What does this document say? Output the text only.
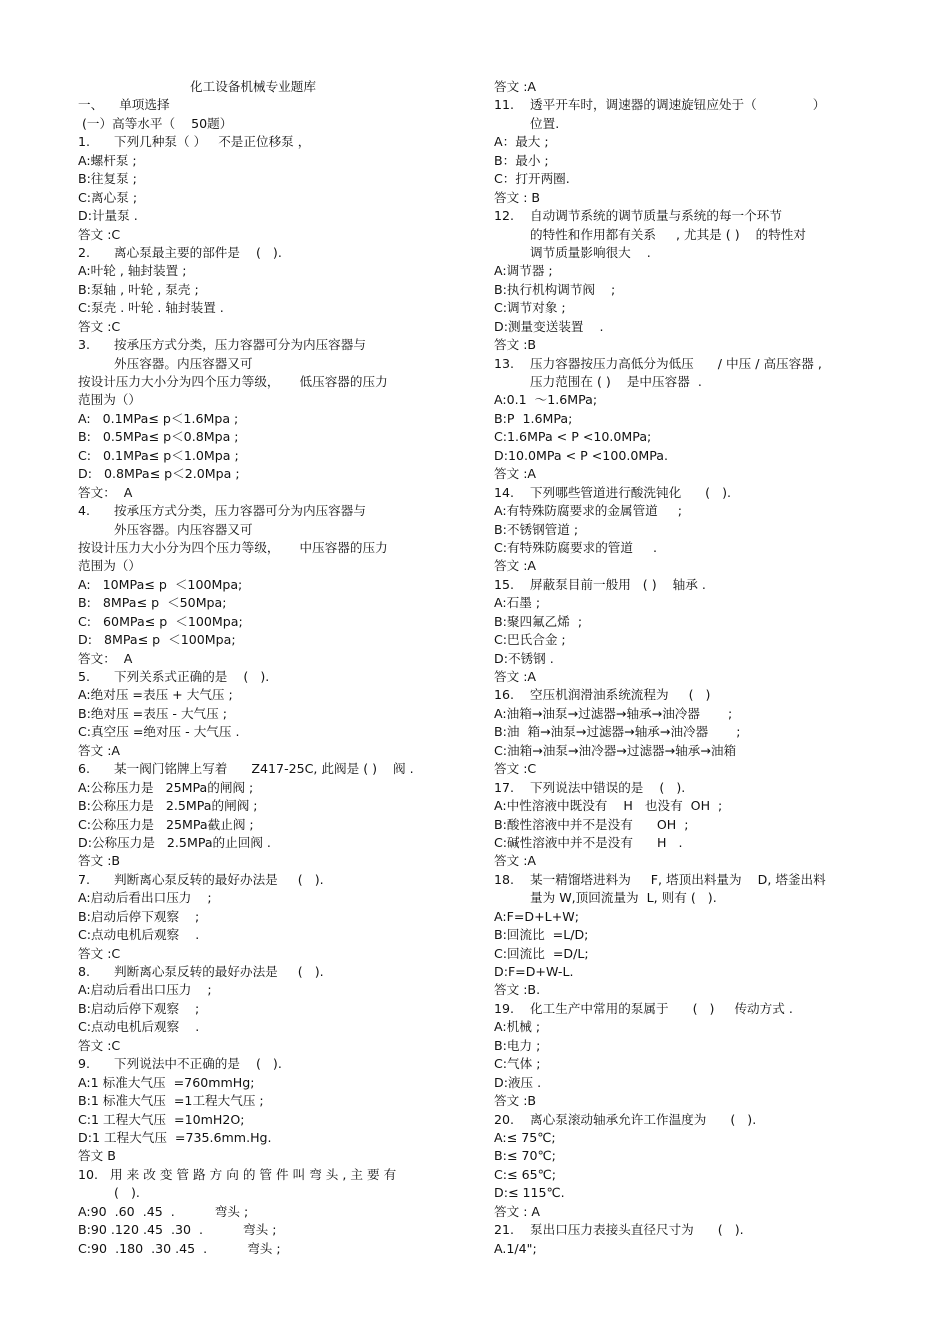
化工设备机械专业题库
一、    单项选择
(一）高等水平（    50题）
1.      下列几种泵（ ）   不是正位移泵 ，
A:螺杆泵 ;
B:往复泵 ;
C:离心泵 ;
D:计量泵 .
答文 :C
2.      离心泵最主要的部件是    (   ).
A:叶轮 , 轴封装置 ;
B:泵轴 , 叶轮 , 泵壳 ;
C:泵壳 . 叶轮 . 轴封装置 .
答文 :C
3.      按承压方式分类，压力容器可分为内压容器与
外压容器。内压容器又可
按设计压力大小分为四个压力等级，     低压容器的压力
范围为（）
A:   0.1MPa≤ p＜1.6Mpa ;
B:   0.5MPa≤ p＜0.8Mpa ;
C:   0.1MPa≤ p＜1.0Mpa ;
D:   0.8MPa≤ p＜2.0Mpa ;
答文：  A
4.      按承压方式分类，压力容器可分为内压容器与
外压容器。内压容器又可
按设计压力大小分为四个压力等级，     中压容器的压力
范围为（）
A:   10MPa≤ p  ＜100Mpa;
B:   8MPa≤ p  ＜50Mpa;
C:   60MPa≤ p  ＜100Mpa;
D:   8MPa≤ p  ＜100Mpa;
答文：  A
5.      下列关系式正确的是    (   ).
A:绝对压 =表压 + 大气压 ;
B:绝对压 =表压 - 大气压 ;
C:真空压 =绝对压 - 大气压 .
答文 :A
6.      某一阀门铭牌上写着      Z417-25C, 此阀是 ( )    阀 .
A:公称压力是   25MPa的闸阀 ;
B:公称压力是   2.5MPa的闸阀 ;
C:公称压力是   25MPa截止阀 ;
D:公称压力是   2.5MPa的止回阀 .
答文 :B
7.      判断离心泵反转的最好办法是     (   ).
A:启动后看出口压力    ;
B:启动后停下观察    ;
C:点动电机后观察    .
答文 :C
8.      判断离心泵反转的最好办法是     (   ).
A:启动后看出口压力    ;
B:启动后停下观察    ;
C:点动电机后观察    .
答文 :C
9.      下列说法中不正确的是    (   ).
A:1 标准大气压  =760mmHg;
B:1 标准大气压  =1工程大气压 ;
C:1 工程大气压  =10mH2O;
D:1 工程大气压  =735.6mm.Hg.
答文 B
10.   用 来 改 变 管 路 方 向 的 管 件 叫 弯 头 , 主 要 有
(   ).
A:90  .60  .45  .          弯头 ;
B:90 .120 .45  .30  .          弯头 ;
C:90  .180  .30 .45  .          弯头 ;
答文 :A
11.    透平开车时，调速器的调速旋钮应处于（              ）
位置.
A：最大 ;
B：最小 ;
C：打开两圈.
答文 : B
12.    自动调节系统的调节质量与系统的每一个环节
的特性和作用都有关系     , 尤其是 ( )    的特性对
调节质量影响很大    .
A:调节器 ;
B:执行机构调节阀    ;
C:调节对象 ;
D:测量变送装置    .
答文 :B
13.    压力容器按压力高低分为低压      / 中压 / 高压容器 ,
压力范围在 ( )    是中压容器  .
A:0.1  ～1.6MPa;
B:P  1.6MPa;
C:1.6MPa < P <10.0MPa;
D:10.0MPa < P <100.0MPa.
答文 :A
14.    下列哪些管道进行酸洗钝化      (   ).
A:有特殊防腐要求的金属管道     ;
B:不锈钢管道 ;
C:有特殊防腐要求的管道     .
答文 :A
15.    屏蔽泵目前一般用   ( )    轴承 .
A:石墨 ;
B:聚四氟乙烯  ;
C:巴氏合金 ;
D:不锈钢 .
答文 :A
16.    空压机润滑油系统流程为     (   )
A:油箱→油泵→过滤器→轴承→油冷器       ;
B:油  箱→油泵→过滤器→轴承→油冷器       ;
C:油箱→油泵→油冷器→过滤器→轴承→油箱
答文 :C
17.    下列说法中错误的是    (   ).
A:中性溶液中既没有    H   也没有  OH  ;
B:酸性溶液中并不是没有      OH  ;
C:碱性溶液中并不是没有      H   .
答文 :A
18.    某一精馏塔进料为     F, 塔顶出料量为    D, 塔釜出料
量为 W,顶回流量为  L, 则有 (   ).
A:F=D+L+W;
B:回流比  =L/D;
C:回流比  =D/L;
D:F=D+W-L.
答文 :B.
19.    化工生产中常用的泵属于      (   )     传动方式 .
A:机械 ;
B:电力 ;
C:气体 ;
D:液压 .
答文 :B
20.    离心泵滚动轴承允许工作温度为      (   ).
A:≤ 75℃;
B:≤ 70℃;
C:≤ 65℃;
D:≤ 115℃.
答文 : A
21.    泵出口压力表接头直径尺寸为      (   ).
A.1/4";
